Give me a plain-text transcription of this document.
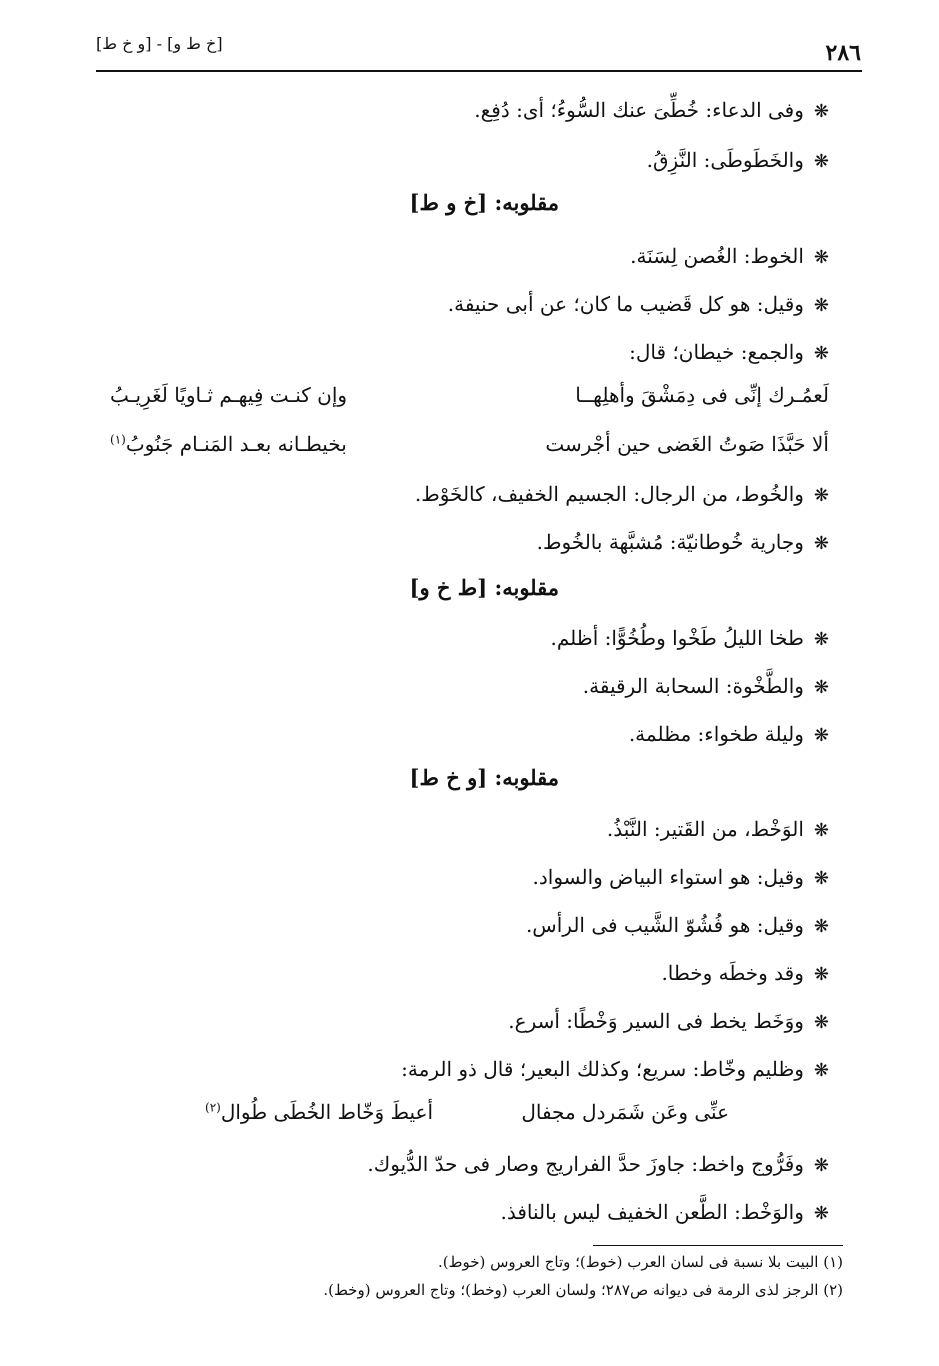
٢٨٦
[خ ط و] - [و خ ط]
❋وفى الدعاء: خُطِّىَ عنك السُّوءُ؛ أى: دُفِع.
❋والخَطَوطَى: النَّزِقُ.
مقلوبه: [خ و ط]
❋الخوط: الغُصن لِسَنَة.
❋وقيل: هو كل قَضيب ما كان؛ عن أبى حنيفة.
❋والجمع: خيطان؛ قال:
لَعمُـرك إنِّى فى دِمَشْقَ وأهلِهــا
وإن كنـت فِيهـم ثـاويًا لَغَرِيـبُ
ألا حَبَّذَا صَوتُ الغَضى حين أجْرست
بخيطـانه بعـد المَنـام جَنُوبُ$^{(١)}$
❋والخُوط، من الرجال: الجسيم الخفيف، كالخَوْط.
❋وجارية خُوطانيّة: مُشبَّهة بالخُوط.
مقلوبه: [ط خ و]
❋طخا الليلُ طَخْوا وطُخُوًّا: أظلم.
❋والطَّخْوة: السحابة الرقيقة.
❋وليلة طخواء: مظلمة.
مقلوبه: [و خ ط]
❋الوَخْط، من القَتير: النَّبْذُ.
❋وقيل: هو استواء البياض والسواد.
❋وقيل: هو فُشُوّ الشَّيب فى الرأس.
❋وقد وخطَه وخطا.
❋ووَخَط يخط فى السير وَخْطًا: أسرع.
❋وظليم وخّاط: سريع؛ وكذلك البعير؛ قال ذو الرمة:
عنِّى وعَن شَمَردل مجفال
أعيطَ وَخّاط الخُطَى طُوال$^{(٢)}$
❋وفَرُّوج واخط: جاوزَ حدَّ الفراريج وصار فى حدّ الدُّيوك.
❋والوَخْط: الطَّعن الخفيف ليس بالنافذ.
(١) البيت بلا نسبة فى لسان العرب (خوط)؛ وتاج العروس (خوط).
(٢) الرجز لذى الرمة فى ديوانه ص٢٨٧؛ ولسان العرب (وخط)؛ وتاج العروس (وخط).
